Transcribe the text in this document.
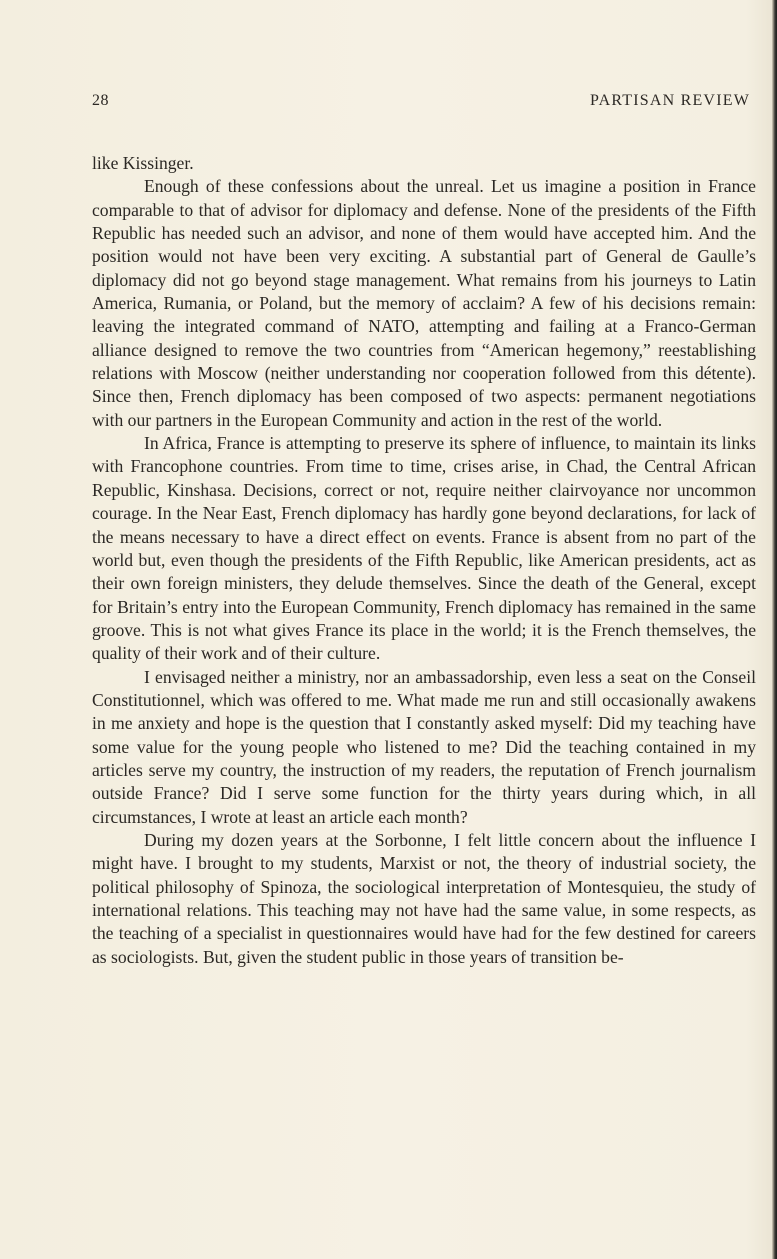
28	PARTISAN REVIEW

like Kissinger.

Enough of these confessions about the unreal. Let us imagine a position in France comparable to that of advisor for diplomacy and defense. None of the presidents of the Fifth Republic has needed such an advisor, and none of them would have accepted him. And the position would not have been very exciting. A substantial part of General de Gaulle’s diplomacy did not go beyond stage management. What remains from his journeys to Latin America, Rumania, or Poland, but the memory of acclaim? A few of his decisions remain: leaving the integrated command of NATO, attempting and failing at a Franco-German alliance designed to remove the two countries from “American hegemony,” reestablishing relations with Moscow (neither understanding nor cooperation followed from this détente). Since then, French diplomacy has been composed of two aspects: permanent negotiations with our partners in the European Community and action in the rest of the world.

In Africa, France is attempting to preserve its sphere of influence, to maintain its links with Francophone countries. From time to time, crises arise, in Chad, the Central African Republic, Kinshasa. Decisions, correct or not, require neither clairvoyance nor uncommon courage. In the Near East, French diplomacy has hardly gone beyond declarations, for lack of the means necessary to have a direct effect on events. France is absent from no part of the world but, even though the presidents of the Fifth Republic, like American presidents, act as their own foreign ministers, they delude themselves. Since the death of the General, except for Britain’s entry into the European Community, French diplomacy has remained in the same groove. This is not what gives France its place in the world; it is the French themselves, the quality of their work and of their culture.

I envisaged neither a ministry, nor an ambassadorship, even less a seat on the Conseil Constitutionnel, which was offered to me. What made me run and still occasionally awakens in me anxiety and hope is the question that I constantly asked myself: Did my teaching have some value for the young people who listened to me? Did the teaching contained in my articles serve my country, the instruction of my readers, the reputation of French journalism outside France? Did I serve some function for the thirty years during which, in all circumstances, I wrote at least an article each month?

During my dozen years at the Sorbonne, I felt little concern about the influence I might have. I brought to my students, Marxist or not, the theory of industrial society, the political philosophy of Spinoza, the sociological interpretation of Montesquieu, the study of international relations. This teaching may not have had the same value, in some respects, as the teaching of a specialist in questionnaires would have had for the few destined for careers as sociologists. But, given the student public in those years of transition be-
